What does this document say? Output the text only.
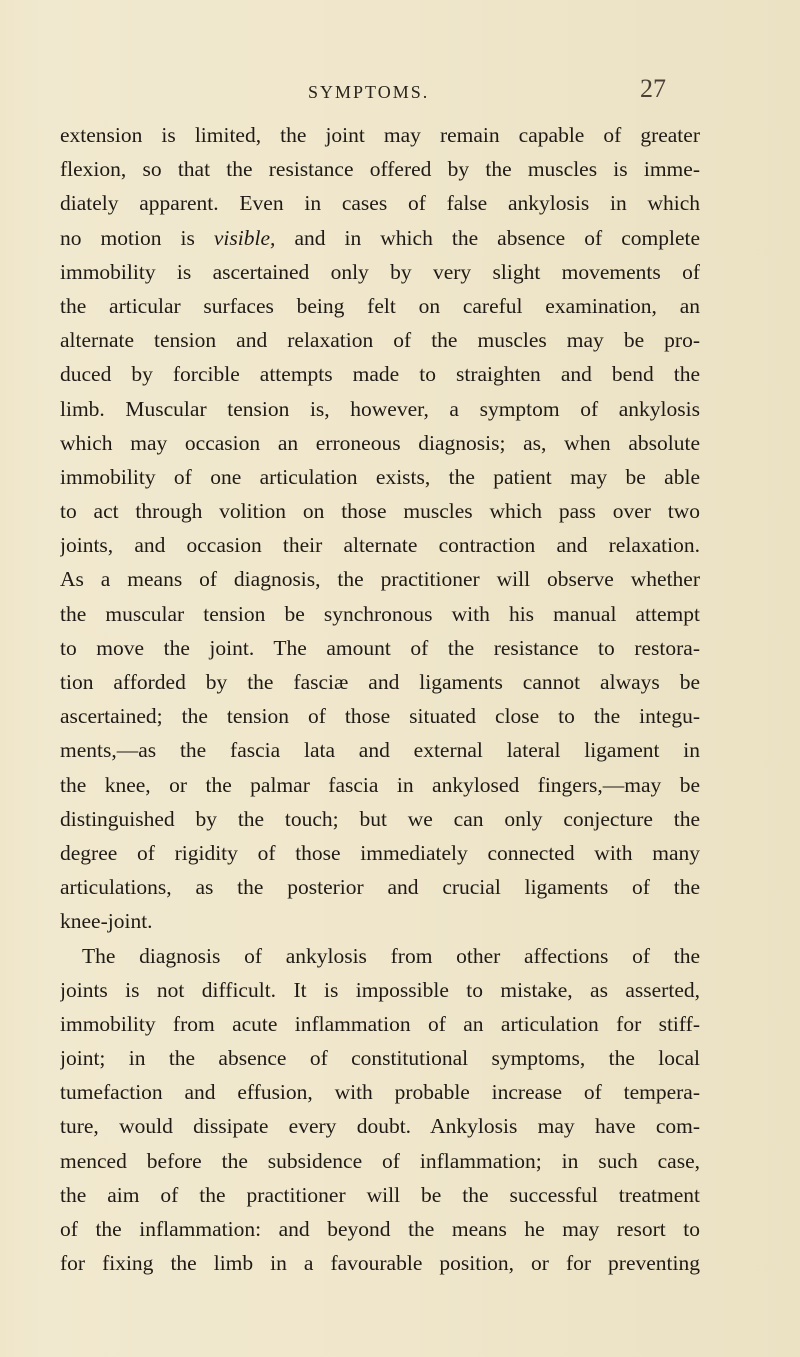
SYMPTOMS.	27
extension is limited, the joint may remain capable of greater
flexion, so that the resistance offered by the muscles is imme-
diately apparent. Even in cases of false ankylosis in which
no motion is visible, and in which the absence of complete
immobility is ascertained only by very slight movements of
the articular surfaces being felt on careful examination, an
alternate tension and relaxation of the muscles may be pro-
duced by forcible attempts made to straighten and bend the
limb. Muscular tension is, however, a symptom of ankylosis
which may occasion an erroneous diagnosis; as, when absolute
immobility of one articulation exists, the patient may be able
to act through volition on those muscles which pass over two
joints, and occasion their alternate contraction and relaxation.
As a means of diagnosis, the practitioner will observe whether
the muscular tension be synchronous with his manual attempt
to move the joint. The amount of the resistance to restora-
tion afforded by the fasciæ and ligaments cannot always be
ascertained; the tension of those situated close to the integu-
ments,—as the fascia lata and external lateral ligament in
the knee, or the palmar fascia in ankylosed fingers,—may be
distinguished by the touch; but we can only conjecture the
degree of rigidity of those immediately connected with many
articulations, as the posterior and crucial ligaments of the
knee-joint.
The diagnosis of ankylosis from other affections of the
joints is not difficult. It is impossible to mistake, as asserted,
immobility from acute inflammation of an articulation for stiff-
joint; in the absence of constitutional symptoms, the local
tumefaction and effusion, with probable increase of tempera-
ture, would dissipate every doubt. Ankylosis may have com-
menced before the subsidence of inflammation; in such case,
the aim of the practitioner will be the successful treatment
of the inflammation: and beyond the means he may resort to
for fixing the limb in a favourable position, or for preventing
